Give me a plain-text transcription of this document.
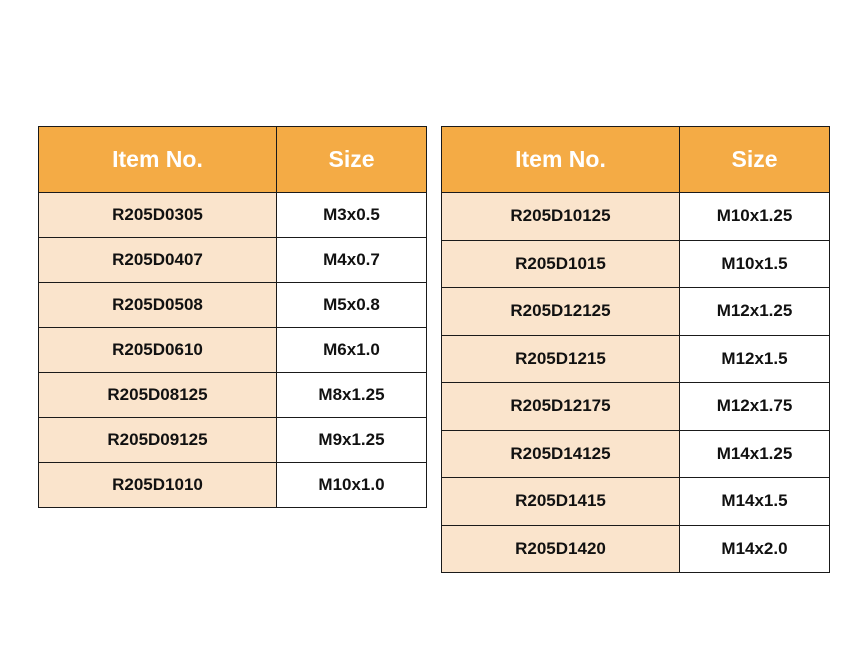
Item No.	Size
R205D0305	M3x0.5
R205D0407	M4x0.7
R205D0508	M5x0.8
R205D0610	M6x1.0
R205D08125	M8x1.25
R205D09125	M9x1.25
R205D1010	M10x1.0
Item No.	Size
R205D10125	M10x1.25
R205D1015	M10x1.5
R205D12125	M12x1.25
R205D1215	M12x1.5
R205D12175	M12x1.75
R205D14125	M14x1.25
R205D1415	M14x1.5
R205D1420	M14x2.0
